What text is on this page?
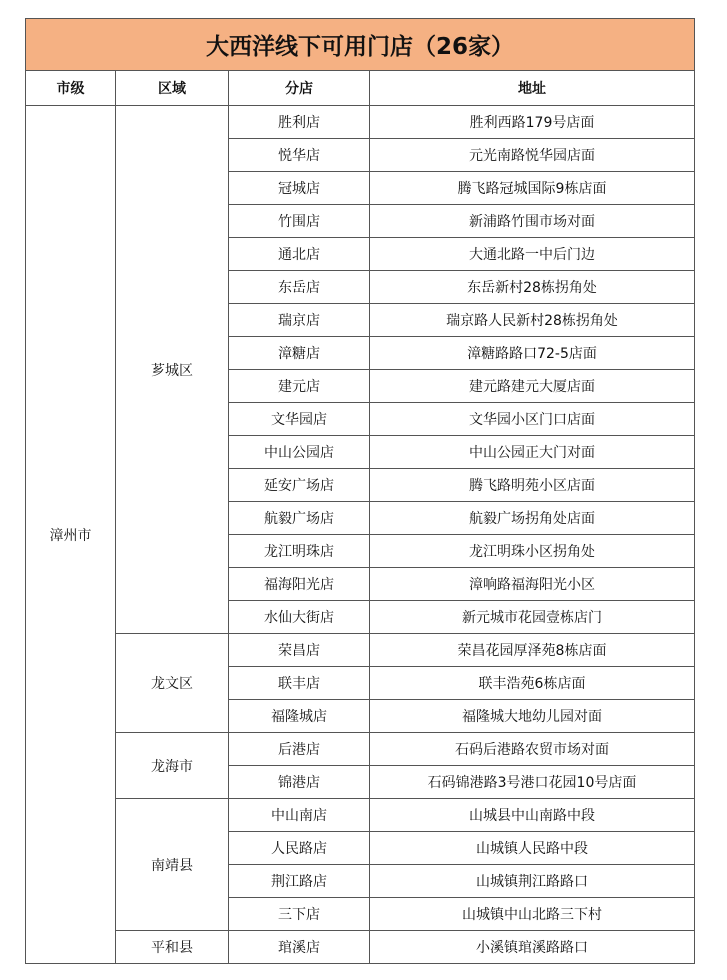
大西洋线下可用门店（26家）			
市级	区域	分店	地址
漳州市	芗城区	胜利店	胜利西路179号店面
		悦华店	元光南路悦华园店面
		冠城店	腾飞路冠城国际9栋店面
		竹围店	新浦路竹围市场对面
		通北店	大通北路一中后门边
		东岳店	东岳新村28栋拐角处
		瑞京店	瑞京路人民新村28栋拐角处
		漳糖店	漳糖路路口72-5店面
		建元店	建元路建元大厦店面
		文华园店	文华园小区门口店面
		中山公园店	中山公园正大门对面
		延安广场店	腾飞路明苑小区店面
		航毅广场店	航毅广场拐角处店面
		龙江明珠店	龙江明珠小区拐角处
		福海阳光店	漳响路福海阳光小区
		水仙大街店	新元城市花园壹栋店门
	龙文区	荣昌店	荣昌花园厚泽苑8栋店面
		联丰店	联丰浩苑6栋店面
		福隆城店	福隆城大地幼儿园对面
	龙海市	后港店	石码后港路农贸市场对面
		锦港店	石码锦港路3号港口花园10号店面
	南靖县	中山南店	山城县中山南路中段
		人民路店	山城镇人民路中段
		荆江路店	山城镇荆江路路口
		三下店	山城镇中山北路三下村
	平和县	琯溪店	小溪镇琯溪路路口
